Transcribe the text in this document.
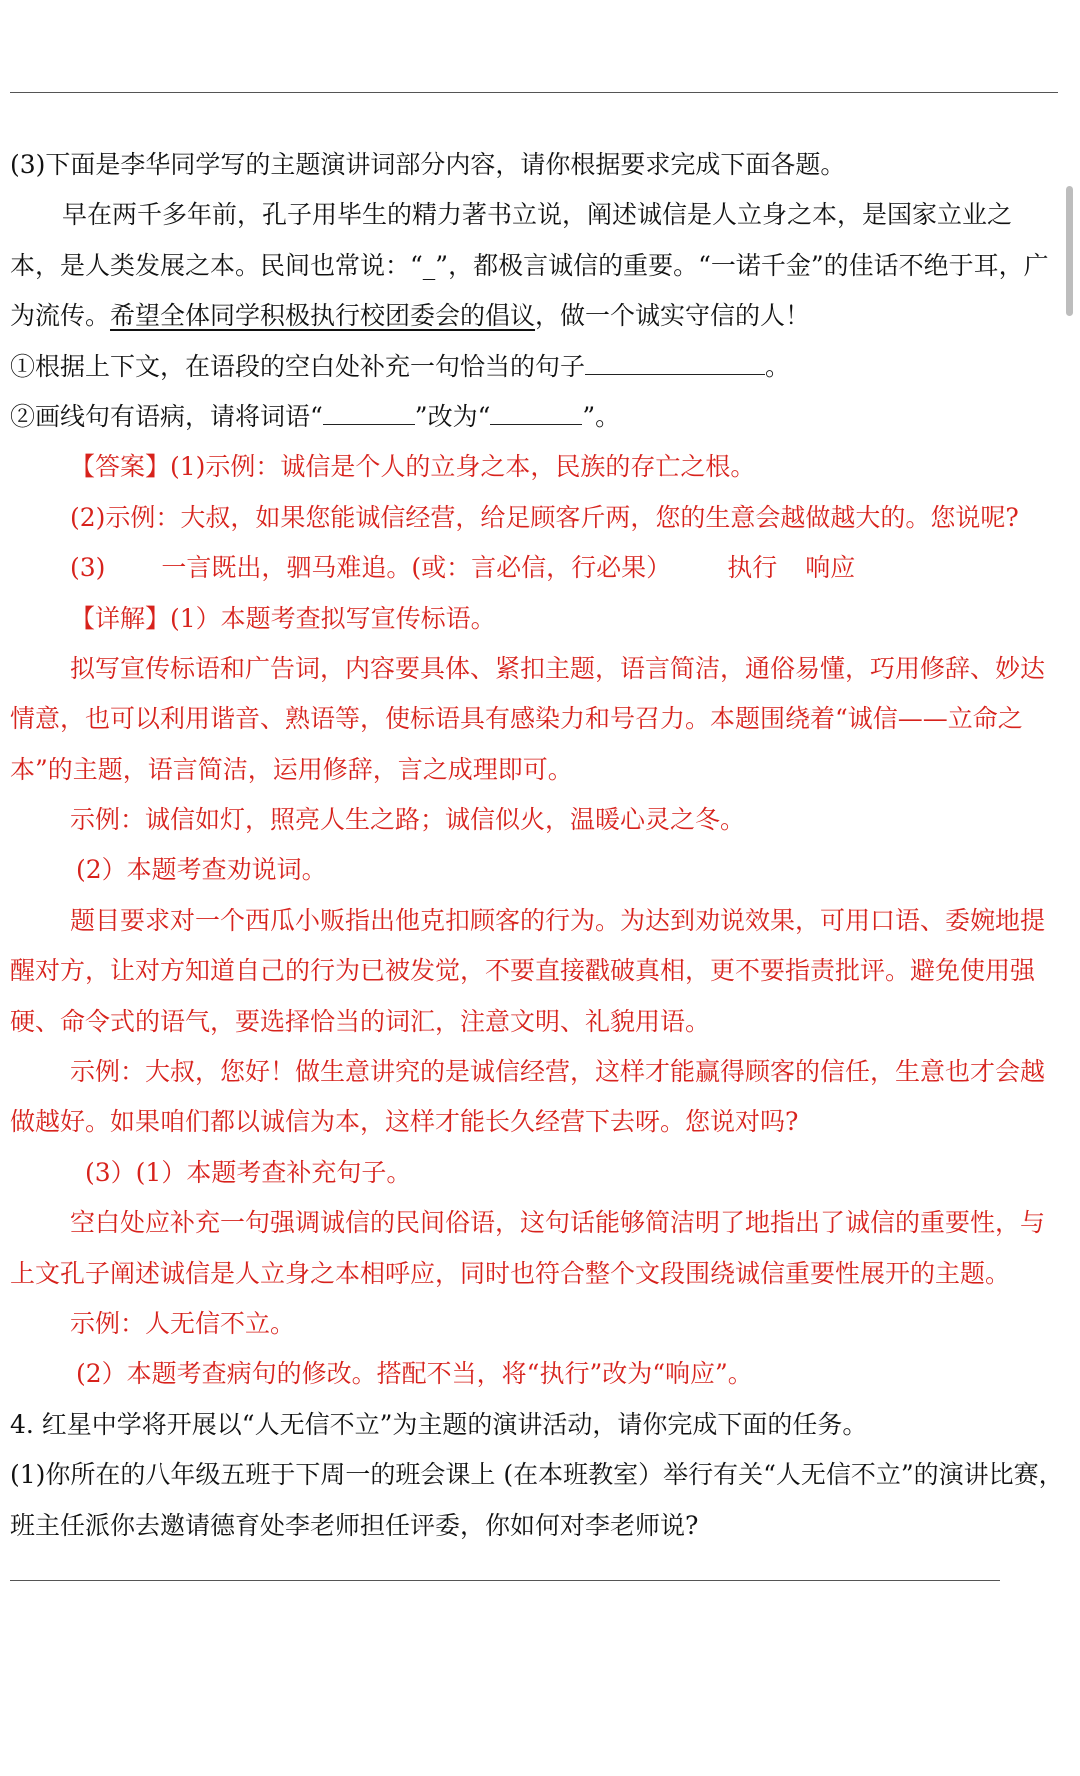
(3)下面是李华同学写的主题演讲词部分内容，请你根据要求完成下面各题。
早在两千多年前，孔子用毕生的精力著书立说，阐述诚信是人立身之本，是国家立业之
本，是人类发展之本。民间也常说：“_”，都极言诚信的重要。“一诺千金”的佳话不绝于耳，广
为流传。希望全体同学积极执行校团委会的倡议，做一个诚实守信的人！
①根据上下文，在语段的空白处补充一句恰当的句子	。
②画线句有语病，请将词语“	”改为“	”。
【答案】(1)示例：诚信是个人的立身之本，民族的存亡之根。
(2)示例：大叔，如果您能诚信经营，给足顾客斤两，您的生意会越做越大的。您说呢?
(3) 一言既出，驷马难追。(或：言必信，行必果） 执行 响应
【详解】(1）本题考查拟写宣传标语。
拟写宣传标语和广告词，内容要具体、紧扣主题，语言简洁，通俗易懂，巧用修辞、妙达
情意，也可以利用谐音、熟语等，使标语具有感染力和号召力。本题围绕着“诚信——立命之
本”的主题，语言简洁，运用修辞，言之成理即可。
示例：诚信如灯，照亮人生之路；诚信似火，温暖心灵之冬。
(2）本题考查劝说词。
题目要求对一个西瓜小贩指出他克扣顾客的行为。为达到劝说效果，可用口语、委婉地提
醒对方，让对方知道自己的行为已被发觉，不要直接戳破真相，更不要指责批评。避免使用强
硬、命令式的语气，要选择恰当的词汇，注意文明、礼貌用语。
示例：大叔，您好！做生意讲究的是诚信经营，这样才能赢得顾客的信任，生意也才会越
做越好。如果咱们都以诚信为本，这样才能长久经营下去呀。您说对吗?
(3）(1）本题考查补充句子。
空白处应补充一句强调诚信的民间俗语，这句话能够简洁明了地指出了诚信的重要性，与
上文孔子阐述诚信是人立身之本相呼应，同时也符合整个文段围绕诚信重要性展开的主题。
示例：人无信不立。
(2）本题考查病句的修改。搭配不当，将“执行”改为“响应”。
4. 红星中学将开展以“人无信不立”为主题的演讲活动，请你完成下面的任务。
(1)你所在的八年级五班于下周一的班会课上 (在本班教室）举行有关“人无信不立”的演讲比赛，
班主任派你去邀请德育处李老师担任评委，你如何对李老师说?
